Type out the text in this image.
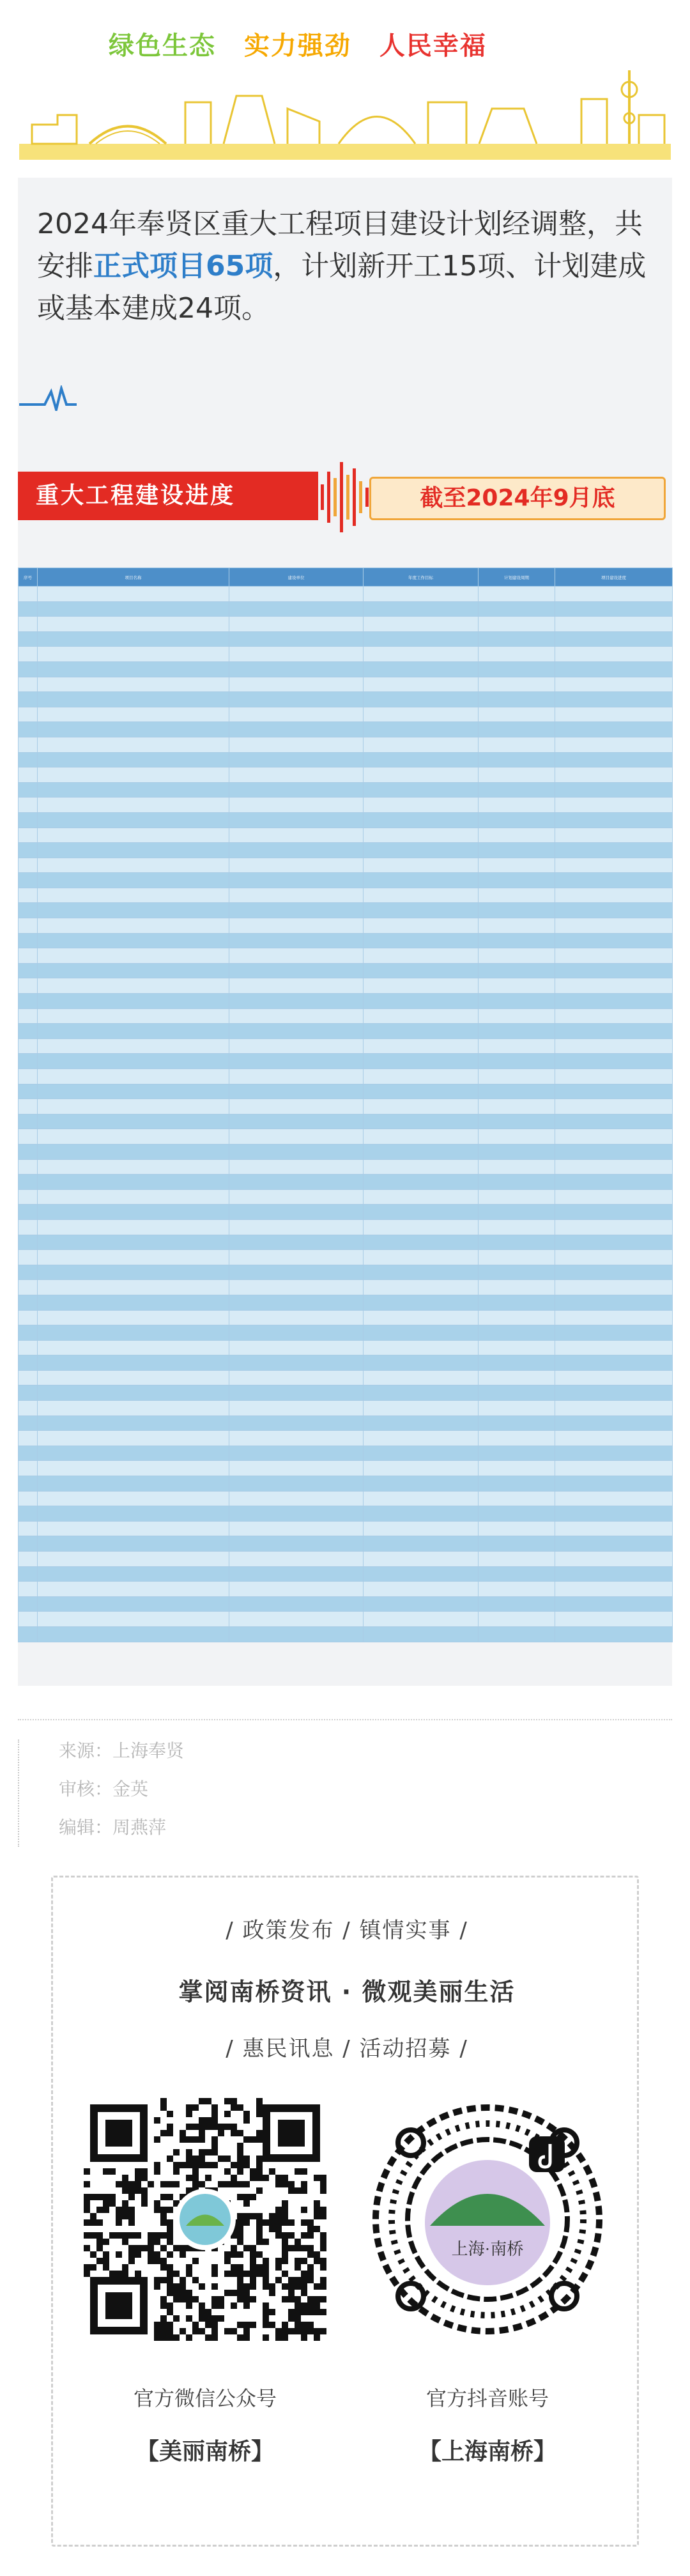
绿色生态 实力强劲 人民幸福
2024年奉贤区重大工程项目建设计划经调整，共安排正式项目65项，计划新开工15项、计划建成或基本建成24项。
重大工程建设进度	截至2024年9月底
序号	项目名称	建设单位	年度工作目标	计划建设周期	项目建设进度

来源：上海奉贤
审核：金英
编辑：周燕萍
/ 政策发布 / 镇情实事 /
掌阅南桥资讯 · 微观美丽生活
/ 惠民讯息 / 活动招募 /
上海·南桥
官方微信公众号	官方抖音账号
【美丽南桥】	【上海南桥】
